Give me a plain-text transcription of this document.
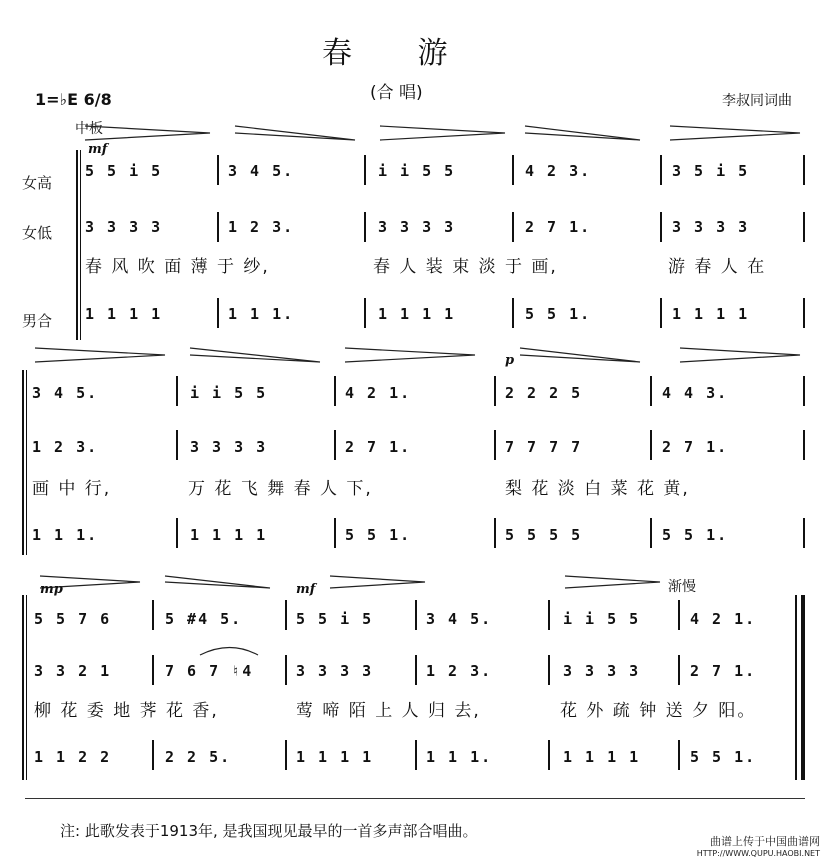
春 游
(合 唱)
1=♭E 6/8
中板
李叔同词曲
mf
p
mp	mf	渐慢
女高
女低
男合
5 5 i 5	3 4 5.	i i 5 5	4 2 3.	3 5 i 5
3 3 3 3	1 2 3.	3 3 3 3	2 7 1.	3 3 3 3
春 风 吹 面 薄 于 纱,	春 人 装 束 淡 于 画,	游 春 人 在
1 1 1 1	1 1 1.	1 1 1 1	5 5 1.	1 1 1 1
3 4 5.	i i 5 5	4 2 1.	2 2 2 5	4 4 3.
1 2 3.	3 3 3 3	2 7 1.	7 7 7 7	2 7 1.
画 中 行,	万 花 飞 舞 春 人 下,	梨 花 淡 白 菜 花 黄,
1 1 1.	1 1 1 1	5 5 1.	5 5 5 5	5 5 1.
5 5 7 6	5 #4 5.	5 5 i 5	3 4 5.	i i 5 5	4 2 1.
3 3 2 1	7 6 7 ♮4	3 3 3 3	1 2 3.	3 3 3 3	2 7 1.
柳 花 委 地 荠 花 香,	莺 啼 陌 上 人 归 去,	花 外 疏 钟 送 夕 阳。
1 1 2 2	2 2 5.	1 1 1 1	1 1 1.	1 1 1 1	5 5 1.
注: 此歌发表于1913年, 是我国现见最早的一首多声部合唱曲。
曲谱上传于中国曲谱网
HTTP://WWW.QUPU.HAOBI.NET
